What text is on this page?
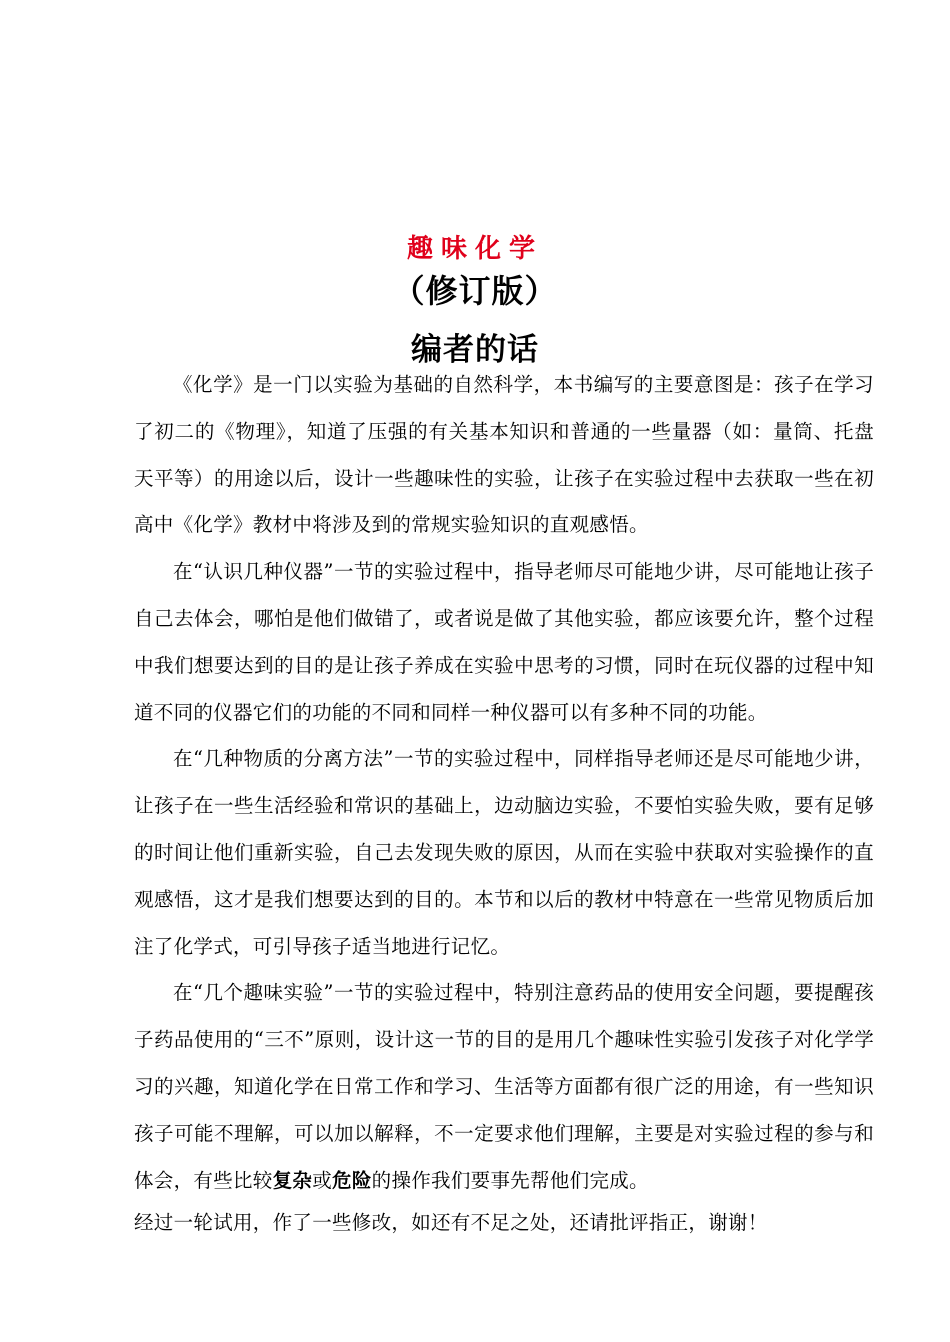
趣味化学
（修订版）
编者的话

《化学》是一门以实验为基础的自然科学，本书编写的主要意图是：孩子在学习了初二的《物理》，知道了压强的有关基本知识和普通的一些量器（如：量筒、托盘天平等）的用途以后，设计一些趣味性的实验，让孩子在实验过程中去获取一些在初高中《化学》教材中将涉及到的常规实验知识的直观感悟。

在“认识几种仪器”一节的实验过程中，指导老师尽可能地少讲，尽可能地让孩子自己去体会，哪怕是他们做错了，或者说是做了其他实验，都应该要允许，整个过程中我们想要达到的目的是让孩子养成在实验中思考的习惯，同时在玩仪器的过程中知道不同的仪器它们的功能的不同和同样一种仪器可以有多种不同的功能。

在“几种物质的分离方法”一节的实验过程中，同样指导老师还是尽可能地少讲，让孩子在一些生活经验和常识的基础上，边动脑边实验，不要怕实验失败，要有足够的时间让他们重新实验，自己去发现失败的原因，从而在实验中获取对实验操作的直观感悟，这才是我们想要达到的目的。本节和以后的教材中特意在一些常见物质后加注了化学式，可引导孩子适当地进行记忆。

在“几个趣味实验”一节的实验过程中，特别注意药品的使用安全问题，要提醒孩子药品使用的“三不”原则，设计这一节的目的是用几个趣味性实验引发孩子对化学学习的兴趣，知道化学在日常工作和学习、生活等方面都有很广泛的用途，有一些知识孩子可能不理解，可以加以解释，不一定要求他们理解，主要是对实验过程的参与和体会，有些比较复杂或危险的操作我们要事先帮他们完成。

经过一轮试用，作了一些修改，如还有不足之处，还请批评指正，谢谢！
